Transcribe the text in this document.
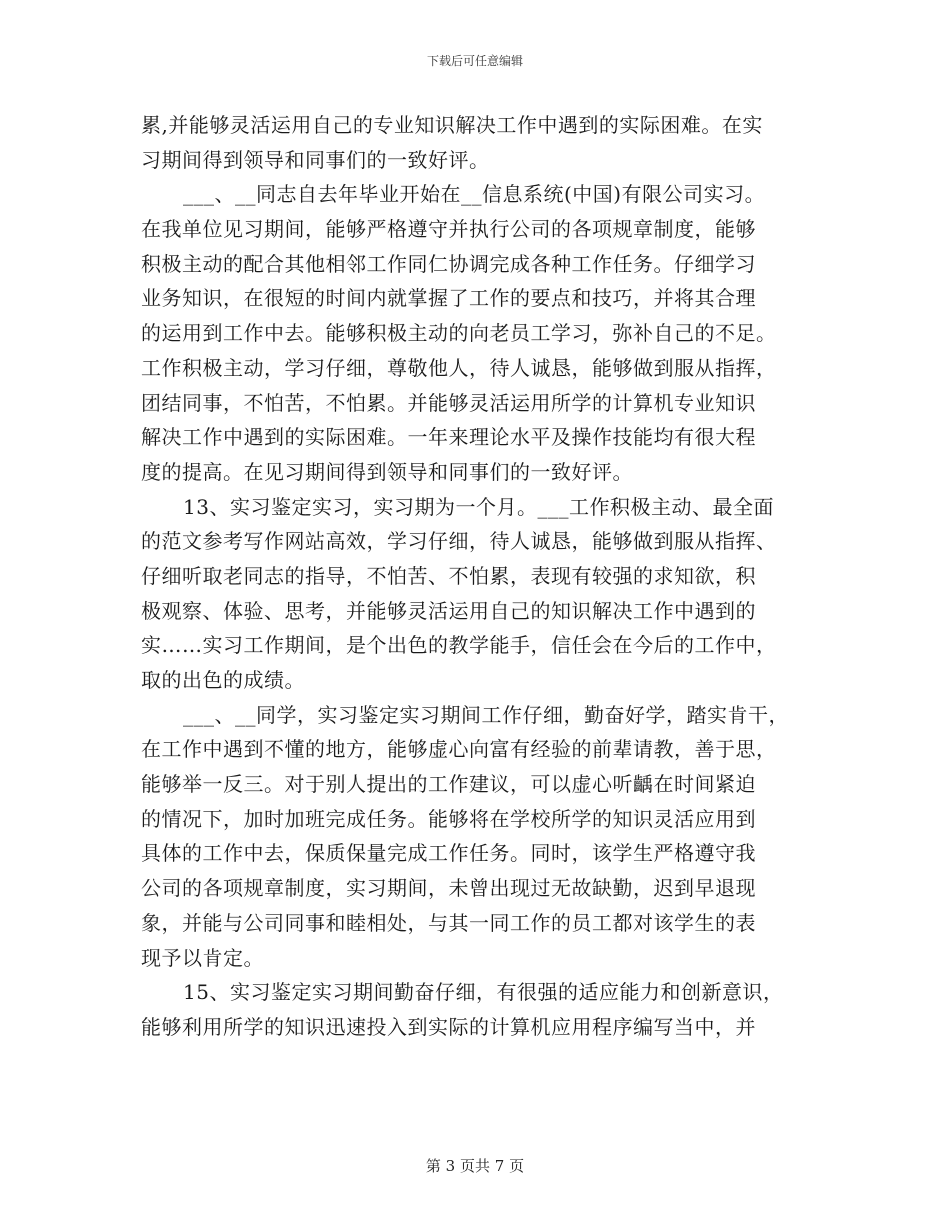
下载后可任意编辑
累,并能够灵活运用自己的专业知识解决工作中遇到的实际困难。在实
习期间得到领导和同事们的一致好评。
___、__同志自去年毕业开始在__信息系统(中国)有限公司实习。
在我单位见习期间，能够严格遵守并执行公司的各项规章制度，能够
积极主动的配合其他相邻工作同仁协调完成各种工作任务。仔细学习
业务知识，在很短的时间内就掌握了工作的要点和技巧，并将其合理
的运用到工作中去。能够积极主动的向老员工学习，弥补自己的不足。
工作积极主动，学习仔细，尊敬他人，待人诚恳，能够做到服从指挥，
团结同事，不怕苦，不怕累。并能够灵活运用所学的计算机专业知识
解决工作中遇到的实际困难。一年来理论水平及操作技能均有很大程
度的提高。在见习期间得到领导和同事们的一致好评。
13、实习鉴定实习，实习期为一个月。___工作积极主动、最全面
的范文参考写作网站高效，学习仔细，待人诚恳，能够做到服从指挥、
仔细听取老同志的指导，不怕苦、不怕累，表现有较强的求知欲，积
极观察、体验、思考，并能够灵活运用自己的知识解决工作中遇到的
实……实习工作期间，是个出色的教学能手，信任会在今后的工作中，
取的出色的成绩。
___、__同学，实习鉴定实习期间工作仔细，勤奋好学，踏实肯干，
在工作中遇到不懂的地方，能够虚心向富有经验的前辈请教，善于思，
能够举一反三。对于别人提出的工作建议，可以虚心听齲在时间紧迫
的情况下，加时加班完成任务。能够将在学校所学的知识灵活应用到
具体的工作中去，保质保量完成工作任务。同时，该学生严格遵守我
公司的各项规章制度，实习期间，未曾出现过无故缺勤，迟到早退现
象，并能与公司同事和睦相处，与其一同工作的员工都对该学生的表
现予以肯定。
15、实习鉴定实习期间勤奋仔细，有很强的适应能力和创新意识，
能够利用所学的知识迅速投入到实际的计算机应用程序编写当中，并
第 3 页共 7 页
